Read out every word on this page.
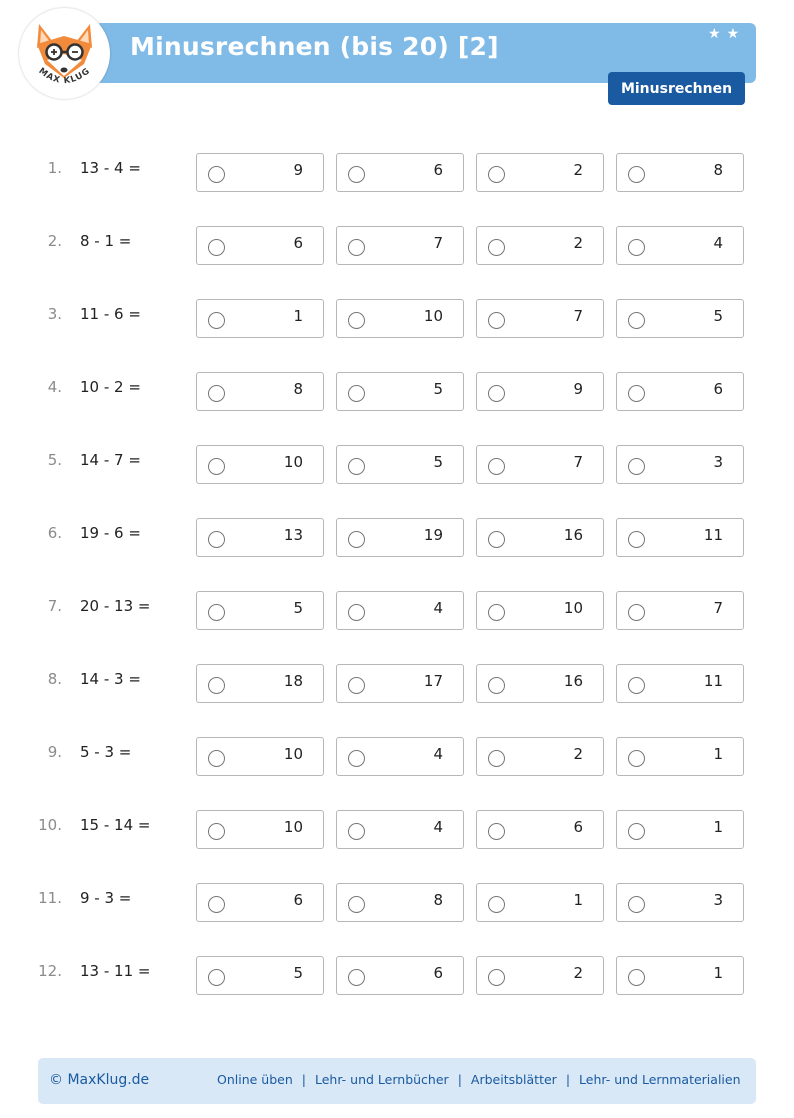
MAX KLUG
Minusrechnen (bis 20) [2]	★ ★
Minusrechnen
1. 13 - 4 =	9	6	2	8
2. 8 - 1 =	6	7	2	4
3. 11 - 6 =	1	10	7	5
4. 10 - 2 =	8	5	9	6
5. 14 - 7 =	10	5	7	3
6. 19 - 6 =	13	19	16	11
7. 20 - 13 =	5	4	10	7
8. 14 - 3 =	18	17	16	11
9. 5 - 3 =	10	4	2	1
10. 15 - 14 =	10	4	6	1
11. 9 - 3 =	6	8	1	3
12. 13 - 11 =	5	6	2	1
© MaxKlug.de	Online üben | Lehr- und Lernbücher | Arbeitsblätter | Lehr- und Lernmaterialien
